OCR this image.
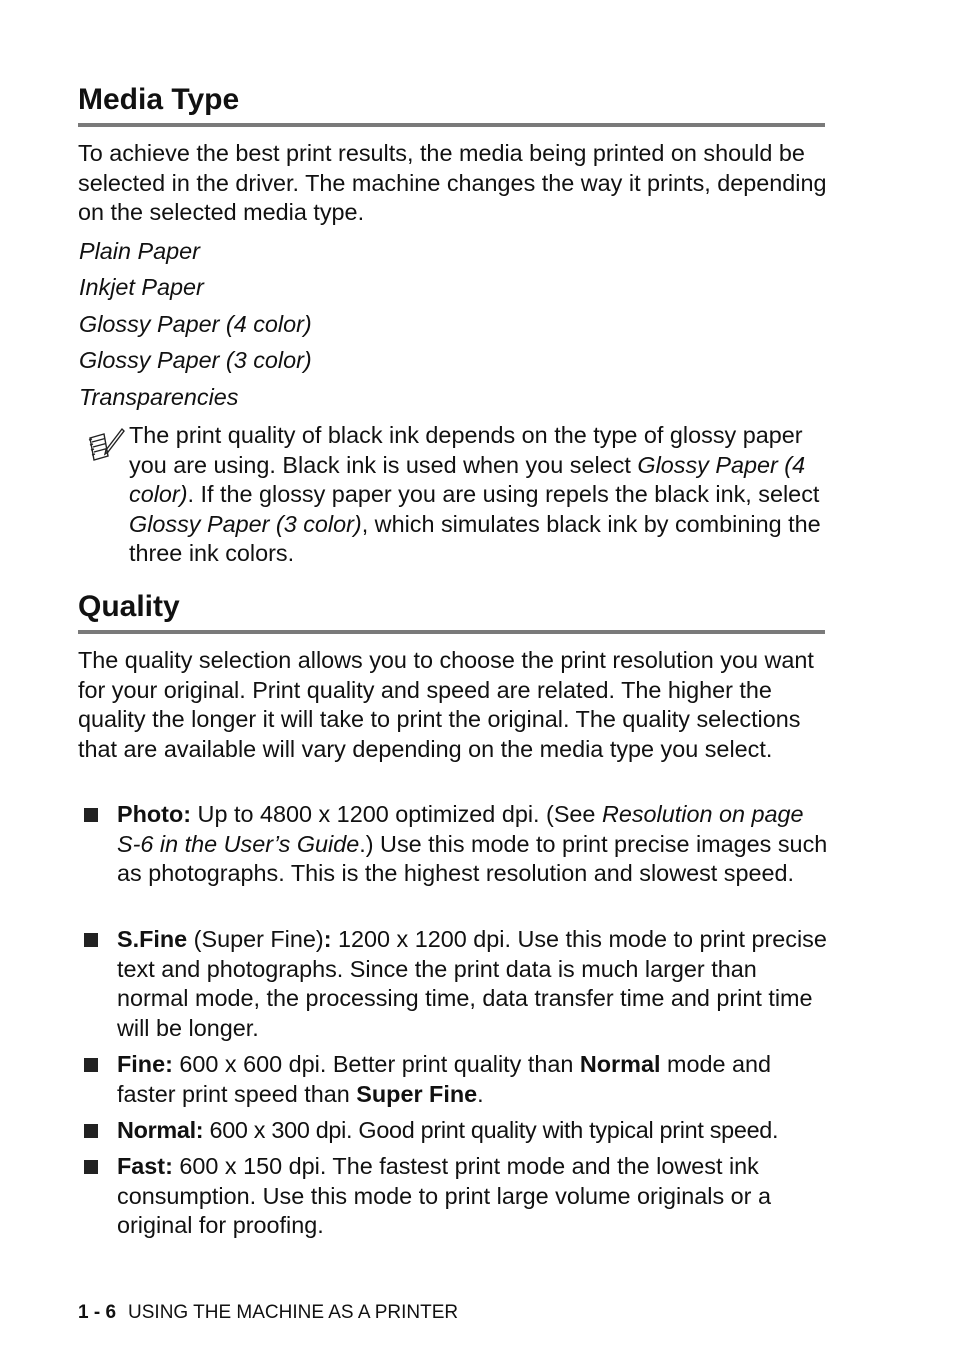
Media Type

To achieve the best print results, the media being printed on should be selected in the driver. The machine changes the way it prints, depending on the selected media type.

Plain Paper
Inkjet Paper
Glossy Paper (4 color)
Glossy Paper (3 color)
Transparencies

The print quality of black ink depends on the type of glossy paper you are using. Black ink is used when you select Glossy Paper (4 color). If the glossy paper you are using repels the black ink, select Glossy Paper (3 color), which simulates black ink by combining the three ink colors.

Quality

The quality selection allows you to choose the print resolution you want for your original. Print quality and speed are related. The higher the quality the longer it will take to print the original. The quality selections that are available will vary depending on the media type you select.

Photo: Up to 4800 x 1200 optimized dpi. (See Resolution on page S-6 in the User’s Guide.) Use this mode to print precise images such as photographs. This is the highest resolution and slowest speed.

S.Fine (Super Fine): 1200 x 1200 dpi. Use this mode to print precise text and photographs. Since the print data is much larger than normal mode, the processing time, data transfer time and print time will be longer.

Fine: 600 x 600 dpi. Better print quality than Normal mode and faster print speed than Super Fine.

Normal: 600 x 300 dpi. Good print quality with typical print speed.

Fast: 600 x 150 dpi. The fastest print mode and the lowest ink consumption. Use this mode to print large volume originals or a original for proofing.

1 - 6 USING THE MACHINE AS A PRINTER
